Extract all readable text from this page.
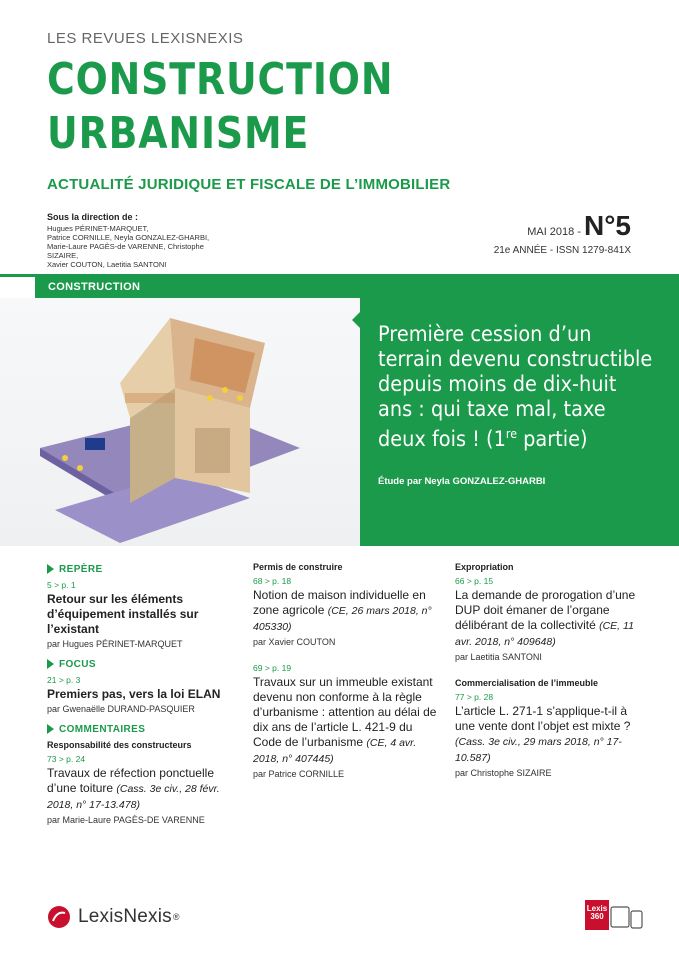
LES REVUES LEXISNEXIS
CONSTRUCTION
URBANISME
ACTUALITÉ JURIDIQUE ET FISCALE DE L’IMMOBILIER
Sous la direction de :
Hugues PÉRINET-MARQUET,
Patrice CORNILLE, Neyla GONZALEZ-GHARBI,
Marie-Laure PAGÈS-de VARENNE, Christophe SIZAIRE,
Xavier COUTON, Laetitia SANTONI
MAI 2018 - N°5
21e ANNÉE - ISSN 1279-841X
CONSTRUCTION
6 > p. 9
Première cession d’un terrain devenu constructible depuis moins de dix-huit ans : qui taxe mal, taxe deux fois ! (1re partie)
Étude par Neyla GONZALEZ-GHARBI
REPÈRE
5 > p. 1
Retour sur les éléments d’équipement installés sur l’existant
par Hugues PÉRINET-MARQUET
FOCUS
21 > p. 3
Premiers pas, vers la loi ELAN
par Gwenaëlle DURAND-PASQUIER
COMMENTAIRES
Responsabilité des constructeurs
73 > p. 24
Travaux de réfection ponctuelle d’une toiture (Cass. 3e civ., 28 févr. 2018, n° 17-13.478)
par Marie-Laure PAGÈS-DE VARENNE
Permis de construire
68 > p. 18
Notion de maison individuelle en zone agricole (CE, 26 mars 2018, n° 405330)
par Xavier COUTON
69 > p. 19
Travaux sur un immeuble existant devenu non conforme à la règle d’urbanisme : attention au délai de dix ans de l’article L. 421-9 du Code de l’urbanisme (CE, 4 avr. 2018, n° 407445)
par Patrice CORNILLE
Expropriation
66 > p. 15
La demande de prorogation d’une DUP doit émaner de l’organe délibérant de la collectivité (CE, 11 avr. 2018, n° 409648)
par Laetitia SANTONI
Commercialisation de l’immeuble
77 > p. 28
L’article L. 271-1 s’applique-t-il à une vente dont l’objet est mixte ? (Cass. 3e civ., 29 mars 2018, n° 17-10.587)
par Christophe SIZAIRE
LexisNexis ®
Lexis 360
